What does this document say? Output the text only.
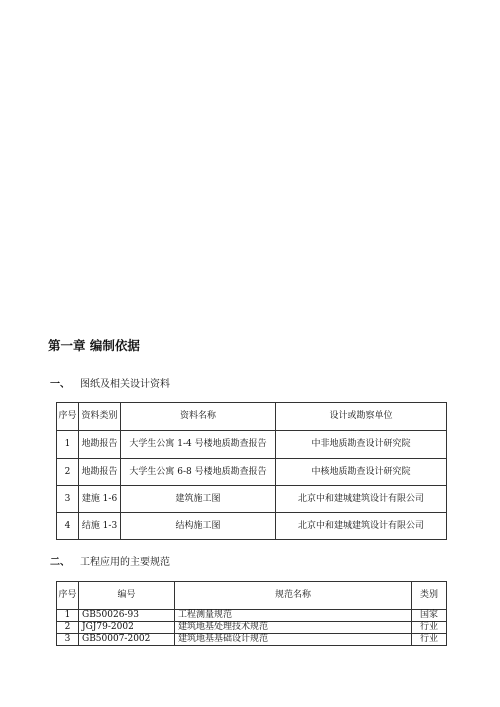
第一章 编制依据
一、 图纸及相关设计资料
序号	资料类别	资料名称	设计或勘察单位
1	地勘报告	大学生公寓 1-4 号楼地质勘查报告	中非地质勘查设计研究院
2	地勘报告	大学生公寓 6-8 号楼地质勘查报告	中核地质勘查设计研究院
3	建施 1-6	建筑施工图	北京中和建城建筑设计有限公司
4	结施 1-3	结构施工图	北京中和建城建筑设计有限公司
二、 工程应用的主要规范
序号	编号	规范名称	类别
1	GB50026-93	工程测量规范	国家
2	JGJ79-2002	建筑地基处理技术规范	行业
3	GB50007-2002	建筑地基基础设计规范	行业
